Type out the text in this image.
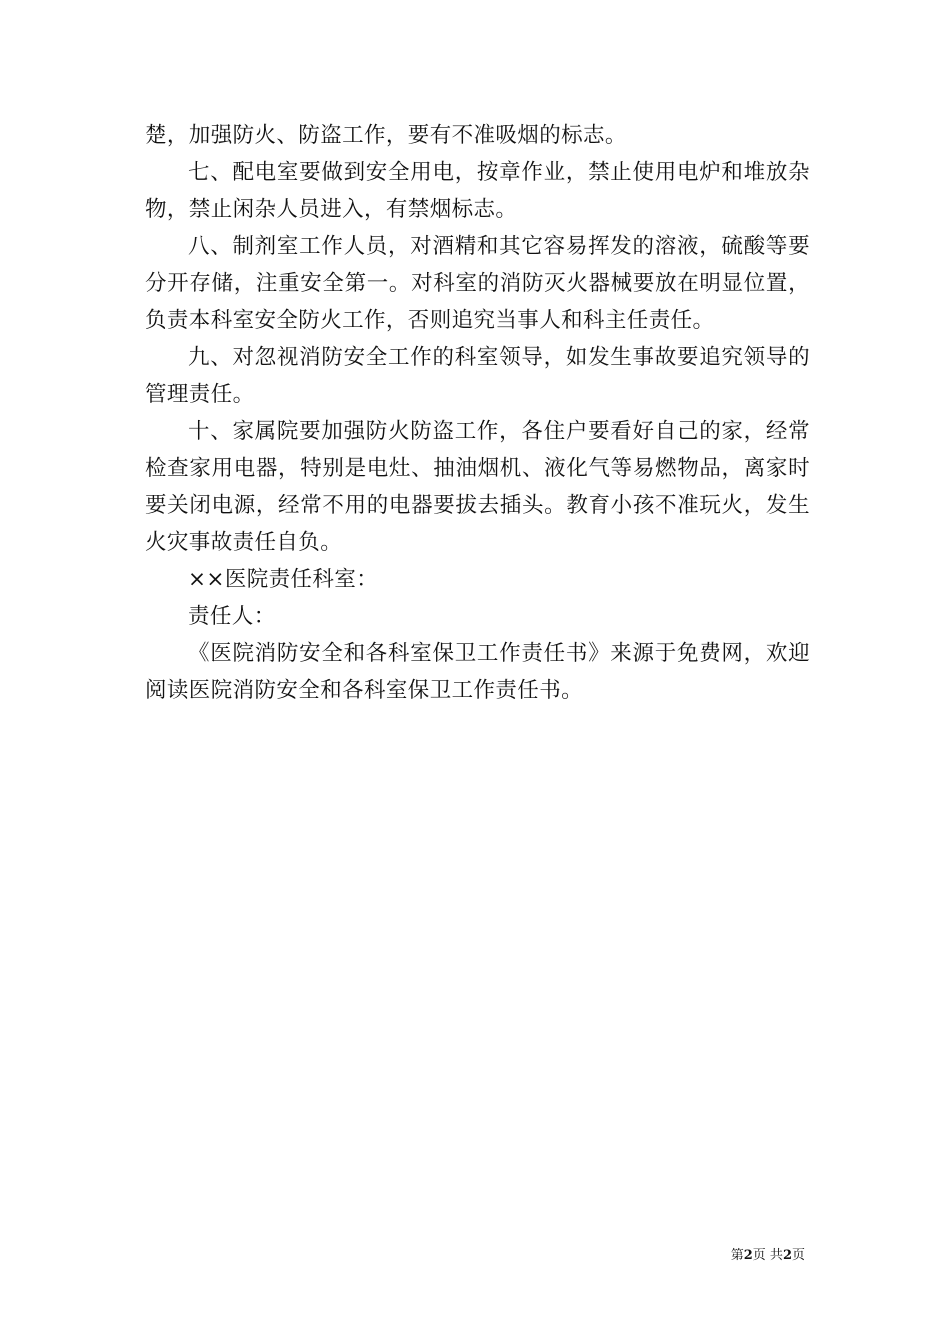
楚，加强防火、防盗工作，要有不准吸烟的标志。

七、配电室要做到安全用电，按章作业，禁止使用电炉和堆放杂物，禁止闲杂人员进入，有禁烟标志。

八、制剂室工作人员，对酒精和其它容易挥发的溶液，硫酸等要分开存储，注重安全第一。对科室的消防灭火器械要放在明显位置，负责本科室安全防火工作，否则追究当事人和科主任责任。

九、对忽视消防安全工作的科室领导，如发生事故要追究领导的管理责任。

十、家属院要加强防火防盗工作，各住户要看好自己的家，经常检查家用电器，特别是电灶、抽油烟机、液化气等易燃物品，离家时要关闭电源，经常不用的电器要拔去插头。教育小孩不准玩火，发生火灾事故责任自负。

××医院责任科室：

责任人：

《医院消防安全和各科室保卫工作责任书》来源于免费网，欢迎阅读医院消防安全和各科室保卫工作责任书。

第2页 共2页
